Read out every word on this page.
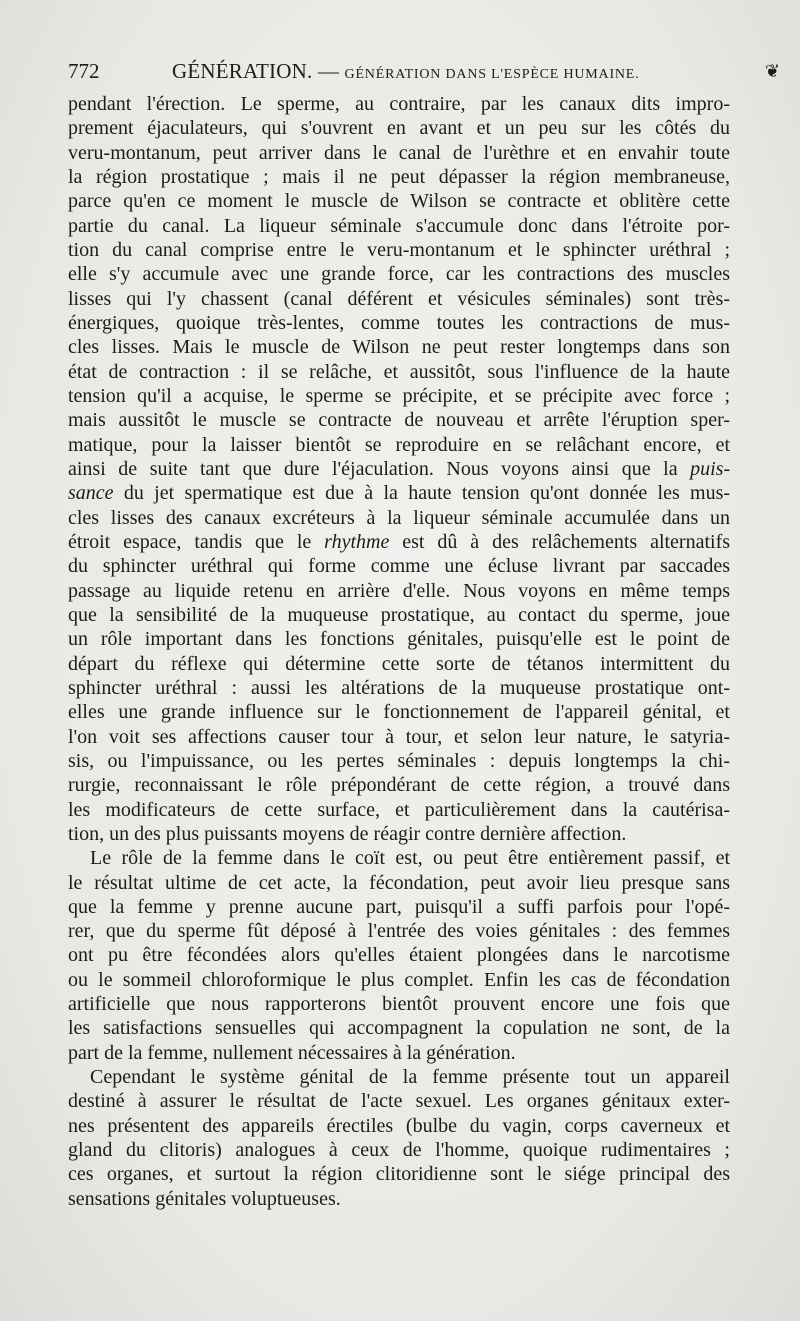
772	GÉNÉRATION. — GÉNÉRATION DANS L'ESPÈCE HUMAINE.	❦
pendant l'érection. Le sperme, au contraire, par les canaux dits impro-
prement éjaculateurs, qui s'ouvrent en avant et un peu sur les côtés du
veru-montanum, peut arriver dans le canal de l'urèthre et en envahir toute
la région prostatique ; mais il ne peut dépasser la région membraneuse,
parce qu'en ce moment le muscle de Wilson se contracte et oblitère cette
partie du canal. La liqueur séminale s'accumule donc dans l'étroite por-
tion du canal comprise entre le veru-montanum et le sphincter uréthral ;
elle s'y accumule avec une grande force, car les contractions des muscles
lisses qui l'y chassent (canal déférent et vésicules séminales) sont très-
énergiques, quoique très-lentes, comme toutes les contractions de mus-
cles lisses. Mais le muscle de Wilson ne peut rester longtemps dans son
état de contraction : il se relâche, et aussitôt, sous l'influence de la haute
tension qu'il a acquise, le sperme se précipite, et se précipite avec force ;
mais aussitôt le muscle se contracte de nouveau et arrête l'éruption sper-
matique, pour la laisser bientôt se reproduire en se relâchant encore, et
ainsi de suite tant que dure l'éjaculation. Nous voyons ainsi que la puis-
sance du jet spermatique est due à la haute tension qu'ont donnée les mus-
cles lisses des canaux excréteurs à la liqueur séminale accumulée dans un
étroit espace, tandis que le rhythme est dû à des relâchements alternatifs
du sphincter uréthral qui forme comme une écluse livrant par saccades
passage au liquide retenu en arrière d'elle. Nous voyons en même temps
que la sensibilité de la muqueuse prostatique, au contact du sperme, joue
un rôle important dans les fonctions génitales, puisqu'elle est le point de
départ du réflexe qui détermine cette sorte de tétanos intermittent du
sphincter uréthral : aussi les altérations de la muqueuse prostatique ont-
elles une grande influence sur le fonctionnement de l'appareil génital, et
l'on voit ses affections causer tour à tour, et selon leur nature, le satyria-
sis, ou l'impuissance, ou les pertes séminales : depuis longtemps la chi-
rurgie, reconnaissant le rôle prépondérant de cette région, a trouvé dans
les modificateurs de cette surface, et particulièrement dans la cautérisa-
tion, un des plus puissants moyens de réagir contre dernière affection.
Le rôle de la femme dans le coït est, ou peut être entièrement passif, et
le résultat ultime de cet acte, la fécondation, peut avoir lieu presque sans
que la femme y prenne aucune part, puisqu'il a suffi parfois pour l'opé-
rer, que du sperme fût déposé à l'entrée des voies génitales : des femmes
ont pu être fécondées alors qu'elles étaient plongées dans le narcotisme
ou le sommeil chloroformique le plus complet. Enfin les cas de fécondation
artificielle que nous rapporterons bientôt prouvent encore une fois que
les satisfactions sensuelles qui accompagnent la copulation ne sont, de la
part de la femme, nullement nécessaires à la génération.
Cependant le système génital de la femme présente tout un appareil
destiné à assurer le résultat de l'acte sexuel. Les organes génitaux exter-
nes présentent des appareils érectiles (bulbe du vagin, corps caverneux et
gland du clitoris) analogues à ceux de l'homme, quoique rudimentaires ;
ces organes, et surtout la région clitoridienne sont le siége principal des
sensations génitales voluptueuses.
